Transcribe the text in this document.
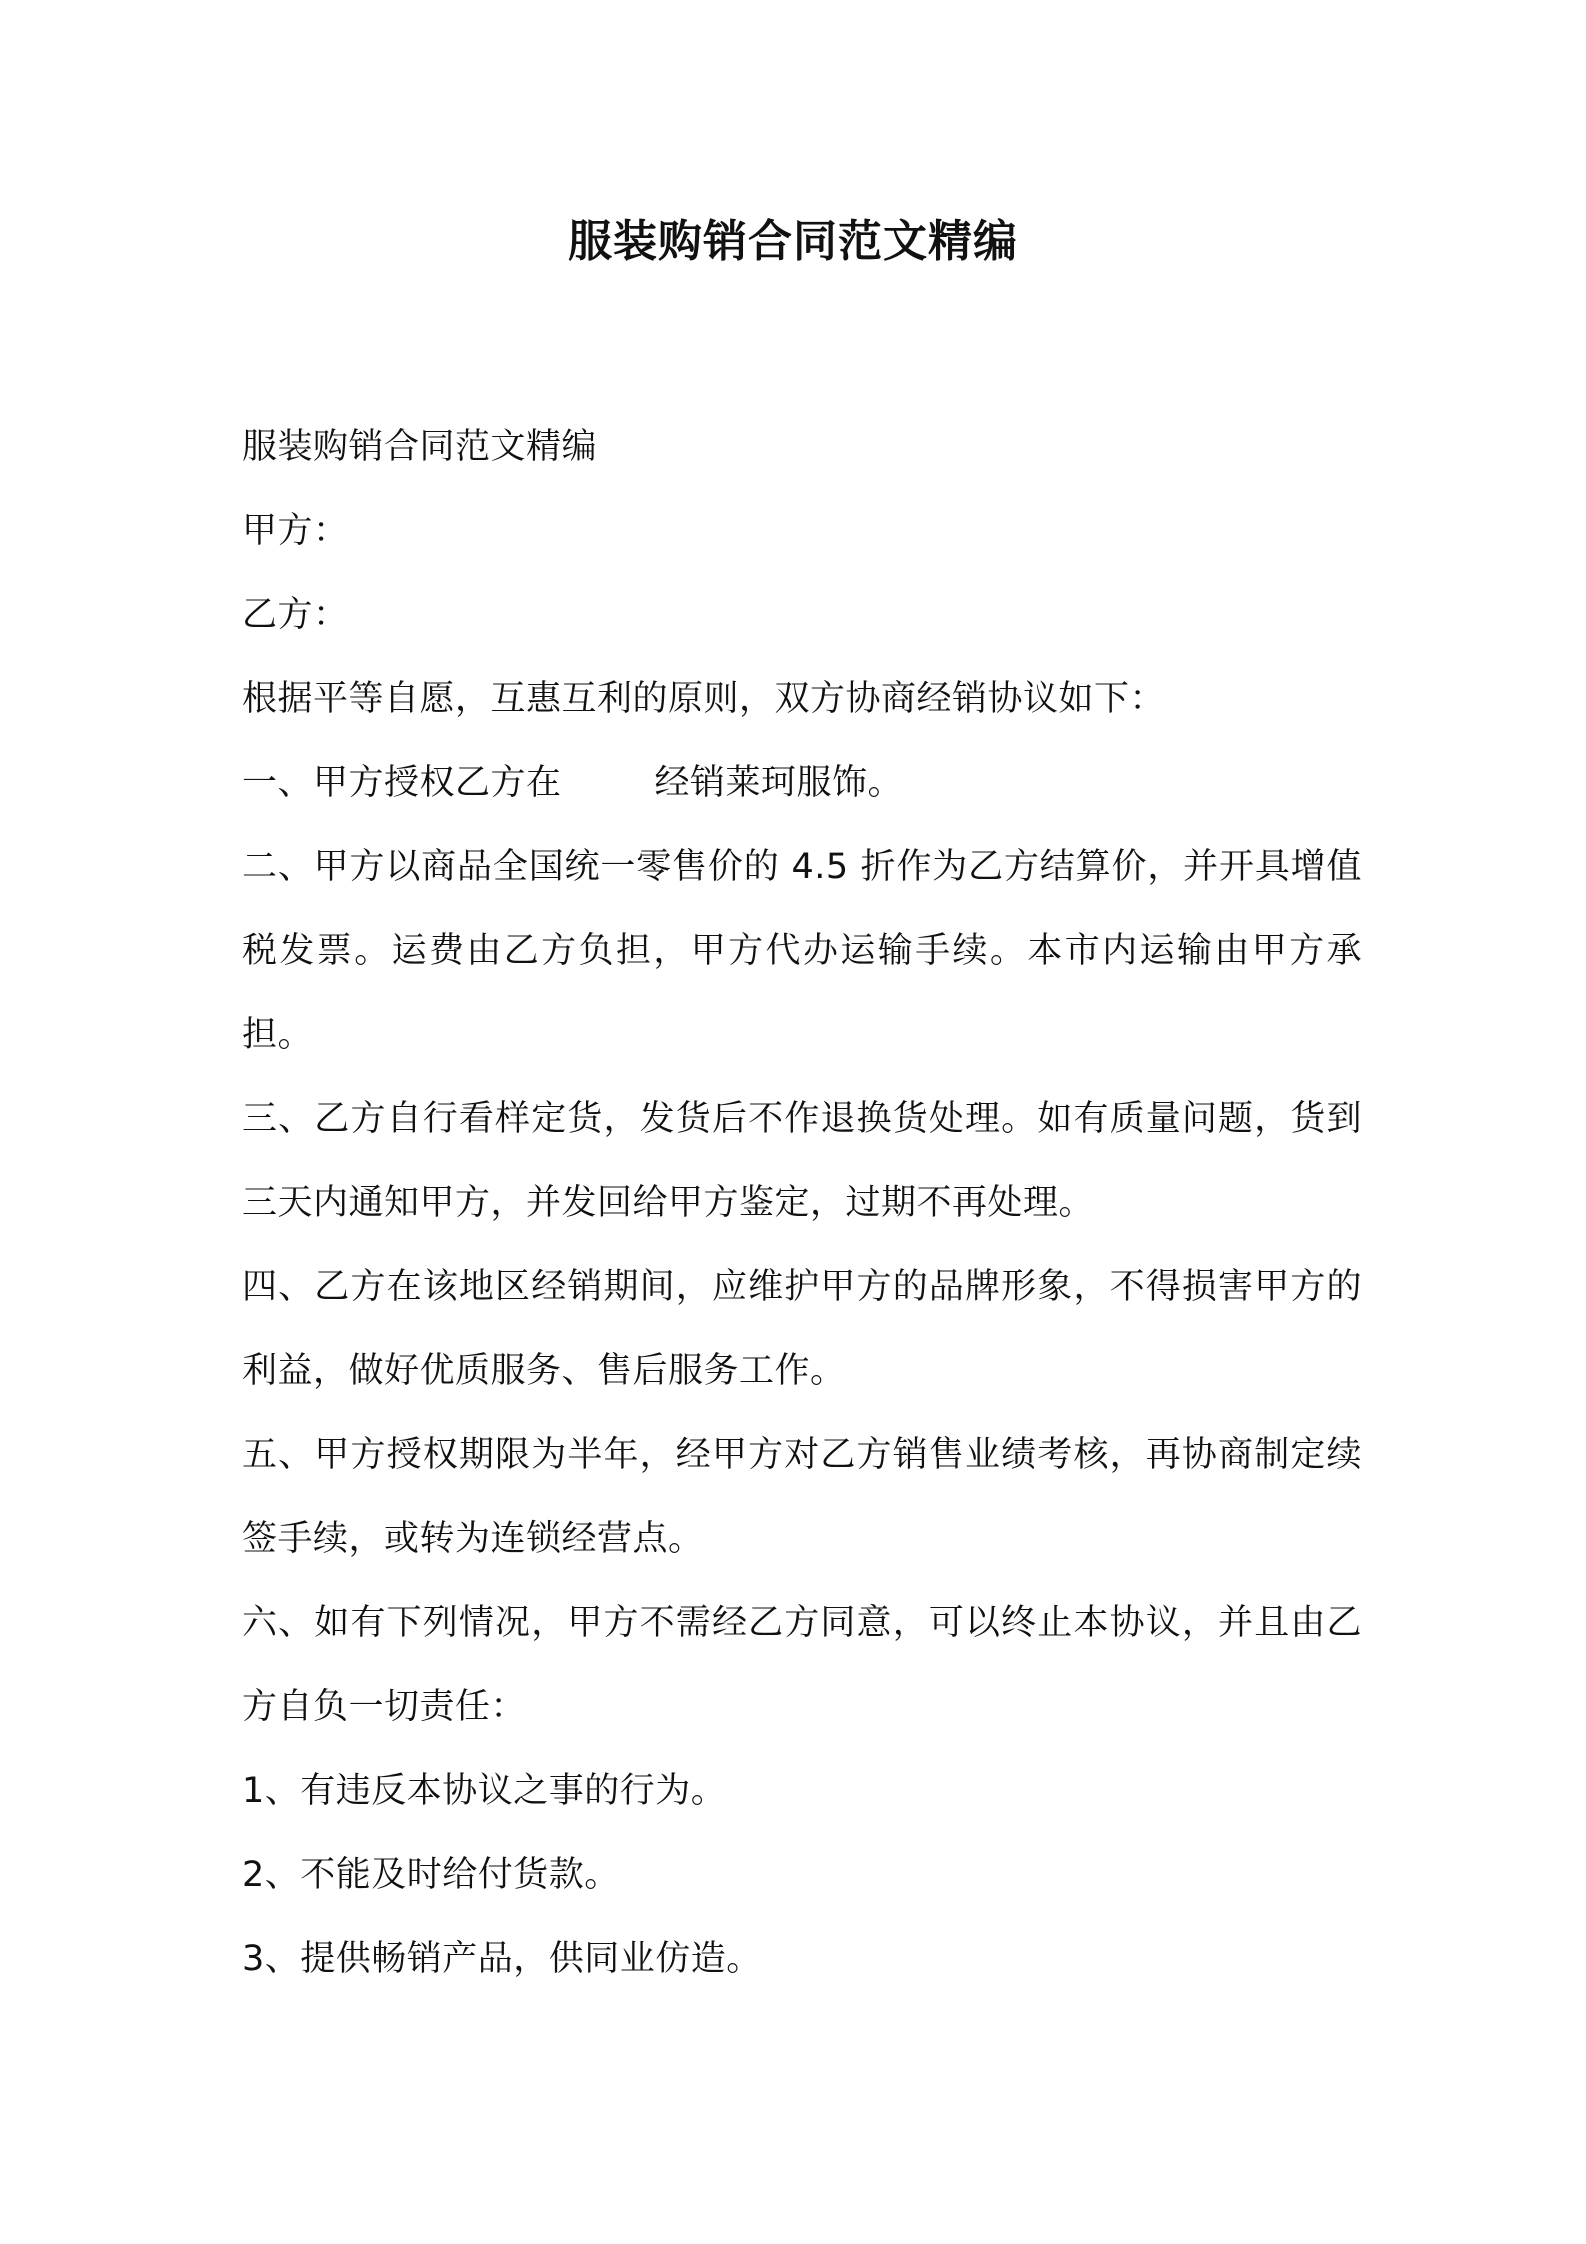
服装购销合同范文精编

服装购销合同范文精编

甲方：

乙方：

根据平等自愿，互惠互利的原则，双方协商经销协议如下：

一、甲方授权乙方在        经销莱珂服饰。

二、甲方以商品全国统一零售价的 4.5 折作为乙方结算价，并开具增值税发票。运费由乙方负担，甲方代办运输手续。本市内运输由甲方承担。

三、乙方自行看样定货，发货后不作退换货处理。如有质量问题，货到三天内通知甲方，并发回给甲方鉴定，过期不再处理。

四、乙方在该地区经销期间，应维护甲方的品牌形象，不得损害甲方的利益，做好优质服务、售后服务工作。

五、甲方授权期限为半年，经甲方对乙方销售业绩考核，再协商制定续签手续，或转为连锁经营点。

六、如有下列情况，甲方不需经乙方同意，可以终止本协议，并且由乙方自负一切责任：

1、有违反本协议之事的行为。

2、不能及时给付货款。

3、提供畅销产品，供同业仿造。
